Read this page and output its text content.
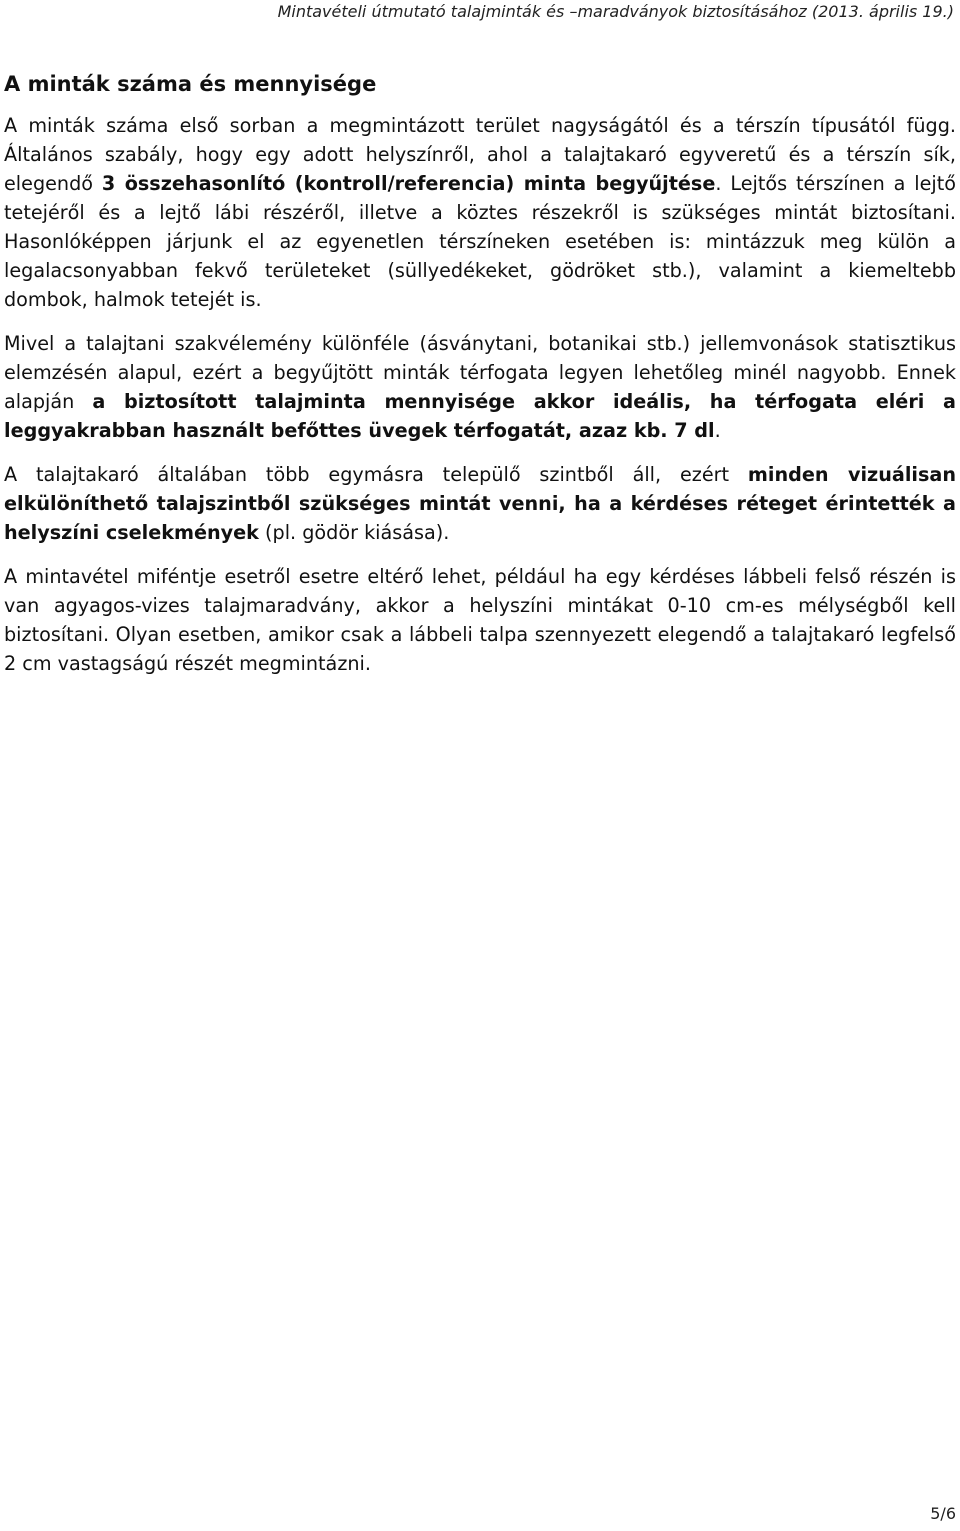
Mintavételi útmutató talajminták és –maradványok biztosításához (2013. április 19.)
A minták száma és mennyisége

A minták száma első sorban a megmintázott terület nagyságától és a térszín típusától függ. Általános szabály, hogy egy adott helyszínről, ahol a talajtakaró egyveretű és a térszín sík, elegendő 3 összehasonlító (kontroll/referencia) minta begyűjtése. Lejtős térszínen a lejtő tetejéről és a lejtő lábi részéről, illetve a köztes részekről is szükséges mintát biztosítani. Hasonlóképpen járjunk el az egyenetlen térszíneken esetében is: mintázzuk meg külön a legalacsonyabban fekvő területeket (süllyedékeket, gödröket stb.), valamint a kiemeltebb dombok, halmok tetejét is.

Mivel a talajtani szakvélemény különféle (ásványtani, botanikai stb.) jellemvonások statisztikus elemzésén alapul, ezért a begyűjtött minták térfogata legyen lehetőleg minél nagyobb. Ennek alapján a biztosított talajminta mennyisége akkor ideális, ha térfogata eléri a leggyakrabban használt befőttes üvegek térfogatát, azaz kb. 7 dl.

A talajtakaró általában több egymásra települő szintből áll, ezért minden vizuálisan elkülöníthető talajszintből szükséges mintát venni, ha a kérdéses réteget érintették a helyszíni cselekmények (pl. gödör kiásása).

A mintavétel miféntje esetről esetre eltérő lehet, például ha egy kérdéses lábbeli felső részén is van agyagos-vizes talajmaradvány, akkor a helyszíni mintákat 0-10 cm-es mélységből kell biztosítani. Olyan esetben, amikor csak a lábbeli talpa szennyezett elegendő a talajtakaró legfelső 2 cm vastagságú részét megmintázni.

5/6
